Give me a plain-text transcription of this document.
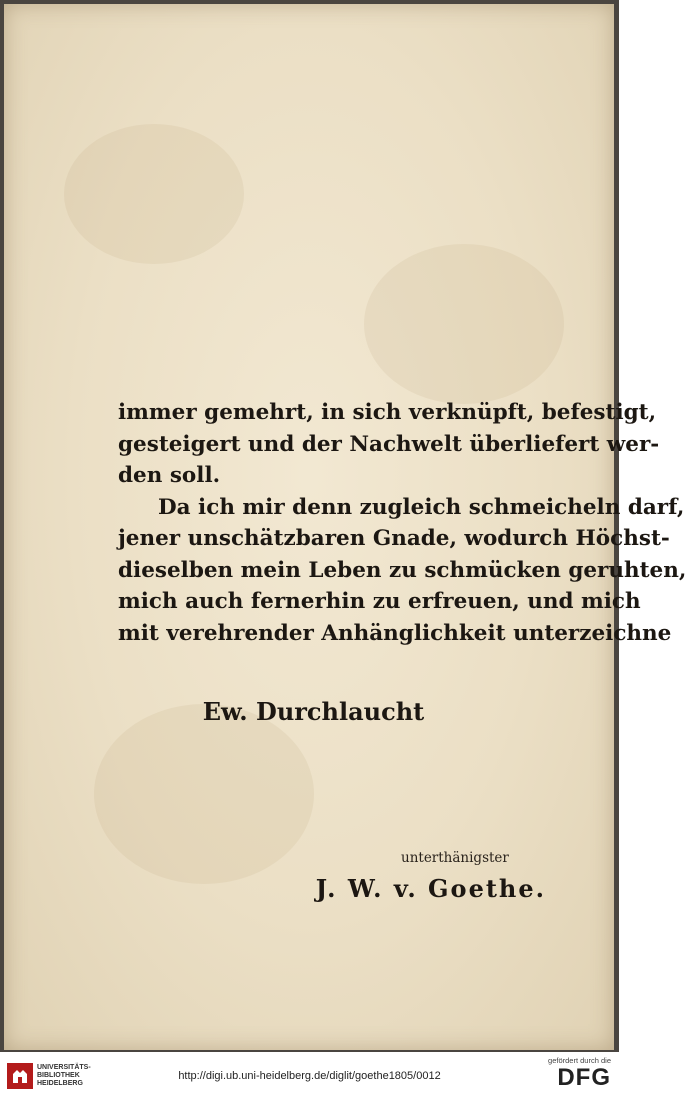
immer gemehrt, in sich verknüpft, befestigt,
gesteigert und der Nachwelt überliefert wer-
den soll.
Da ich mir denn zugleich schmeicheln darf,
jener unschätzbaren Gnade, wodurch Höchst-
dieselben mein Leben zu schmücken geruhten,
mich auch fernerhin zu erfreuen, und mich
mit verehrender Anhänglichkeit unterzeichne
Ew. Durchlaucht
unterthänigster
J. W. v. Goethe.
UNIVERSITÄTS-
BIBLIOTHEK
HEIDELBERG
http://digi.ub.uni-heidelberg.de/diglit/goethe1805/0012
gefördert durch die
DFG
